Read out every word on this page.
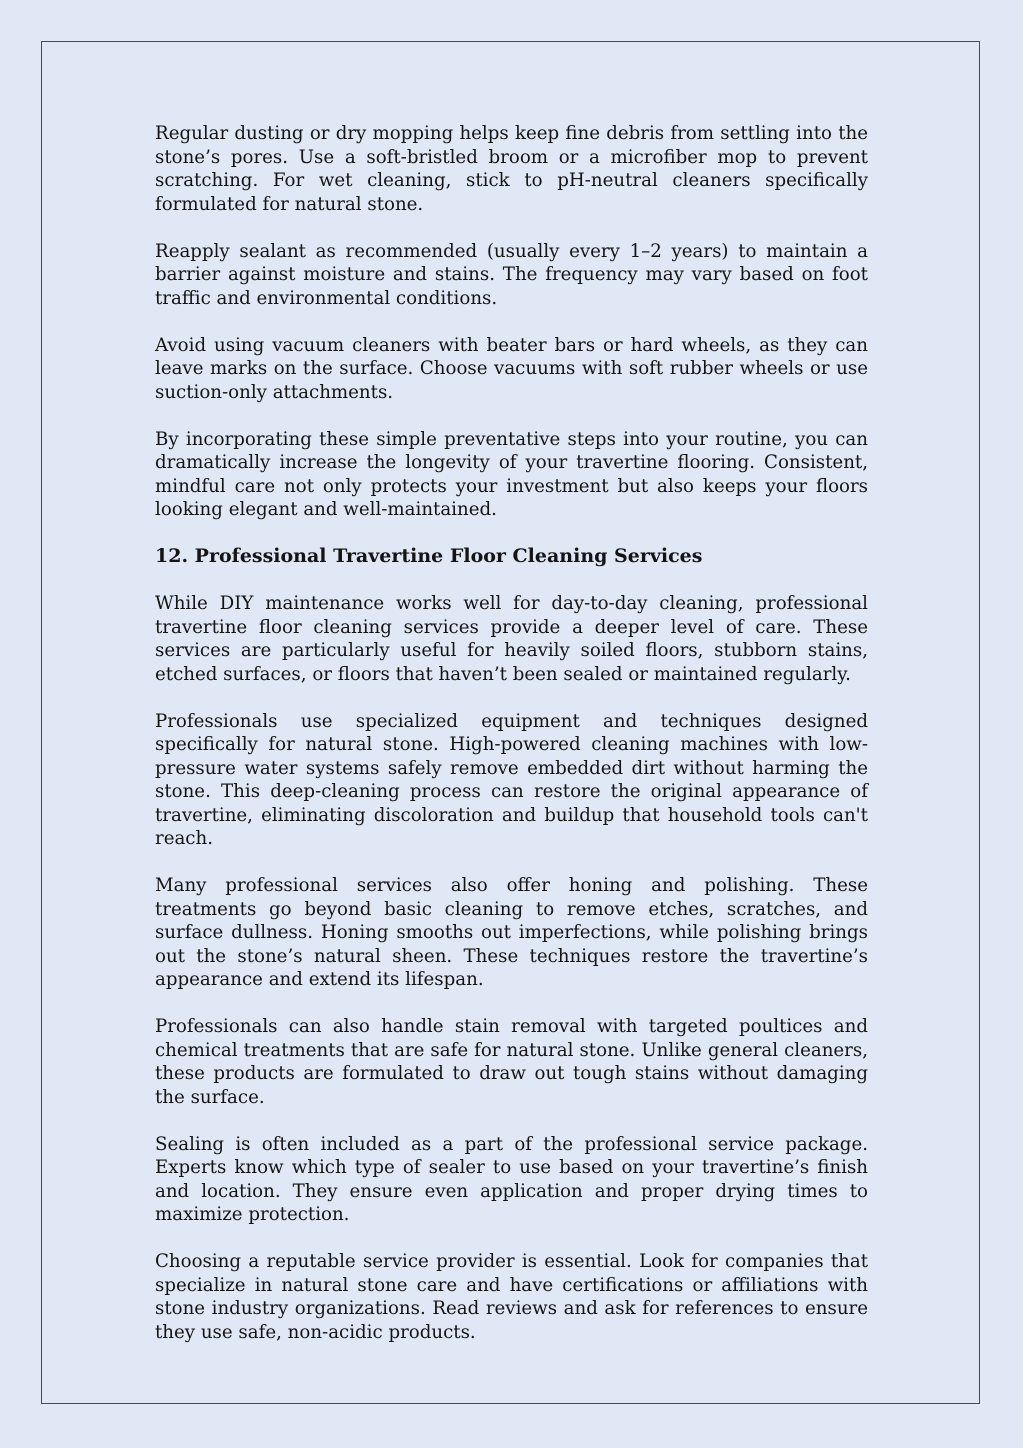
Regular dusting or dry mopping helps keep fine debris from settling into the stone’s pores. Use a soft-bristled broom or a microfiber mop to prevent scratching. For wet cleaning, stick to pH-neutral cleaners specifically formulated for natural stone.

Reapply sealant as recommended (usually every 1–2 years) to maintain a barrier against moisture and stains. The frequency may vary based on foot traffic and environmental conditions.

Avoid using vacuum cleaners with beater bars or hard wheels, as they can leave marks on the surface. Choose vacuums with soft rubber wheels or use suction-only attachments.

By incorporating these simple preventative steps into your routine, you can dramatically increase the longevity of your travertine flooring. Consistent, mindful care not only protects your investment but also keeps your floors looking elegant and well-maintained.

12. Professional Travertine Floor Cleaning Services

While DIY maintenance works well for day-to-day cleaning, professional travertine floor cleaning services provide a deeper level of care. These services are particularly useful for heavily soiled floors, stubborn stains, etched surfaces, or floors that haven’t been sealed or maintained regularly.

Professionals use specialized equipment and techniques designed specifically for natural stone. High-powered cleaning machines with low-pressure water systems safely remove embedded dirt without harming the stone. This deep-cleaning process can restore the original appearance of travertine, eliminating discoloration and buildup that household tools can't reach.

Many professional services also offer honing and polishing. These treatments go beyond basic cleaning to remove etches, scratches, and surface dullness. Honing smooths out imperfections, while polishing brings out the stone’s natural sheen. These techniques restore the travertine’s appearance and extend its lifespan.

Professionals can also handle stain removal with targeted poultices and chemical treatments that are safe for natural stone. Unlike general cleaners, these products are formulated to draw out tough stains without damaging the surface.

Sealing is often included as a part of the professional service package. Experts know which type of sealer to use based on your travertine’s finish and location. They ensure even application and proper drying times to maximize protection.

Choosing a reputable service provider is essential. Look for companies that specialize in natural stone care and have certifications or affiliations with stone industry organizations. Read reviews and ask for references to ensure they use safe, non-acidic products.
